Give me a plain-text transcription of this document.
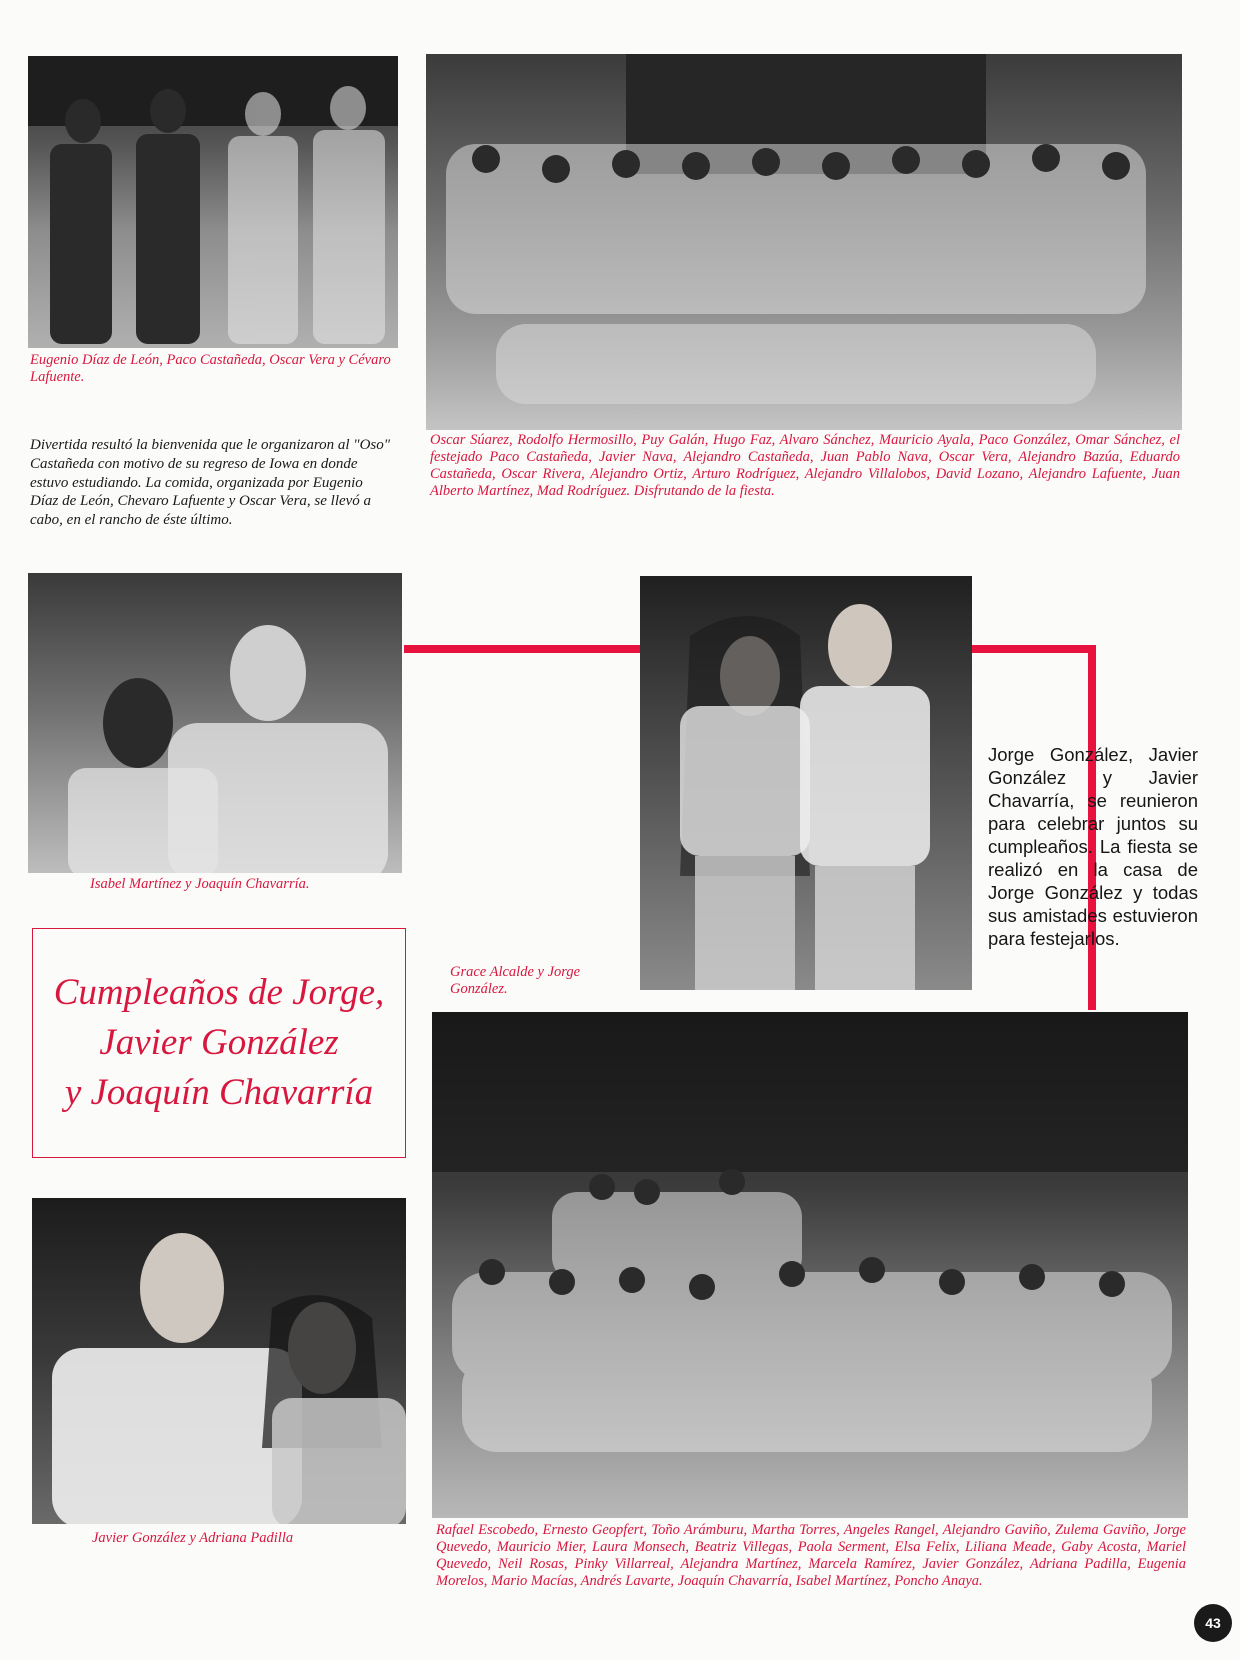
Eugenio Díaz de León, Paco Castañeda, Oscar Vera y Cévaro Lafuente.

Divertida resultó la bienvenida que le organizaron al "Oso" Castañeda con motivo de su regreso de Iowa en donde estuvo estudiando. La comida, organizada por Eugenio Díaz de León, Chevaro Lafuente y Oscar Vera, se llevó a cabo, en el rancho de éste último.

Oscar Súarez, Rodolfo Hermosillo, Puy Galán, Hugo Faz, Alvaro Sánchez, Mauricio Ayala, Paco González, Omar Sánchez, el festejado Paco Castañeda, Javier Nava, Alejandro Castañeda, Juan Pablo Nava, Oscar Vera, Alejandro Bazúa, Eduardo Castañeda, Oscar Rivera, Alejandro Ortiz, Arturo Rodríguez, Alejandro Villalobos, David Lozano, Alejandro Lafuente, Juan Alberto Martínez, Mad Rodríguez. Disfrutando de la fiesta.

Isabel Martínez y Joaquín Chavarría.

Grace Alcalde y Jorge González.

Jorge González, Javier González y Javier Chavarría, se reunieron para celebrar juntos su cumpleaños. La fiesta se realizó en la casa de Jorge González y todas sus amistades estuvieron para festejarlos.

Cumpleaños de Jorge,
Javier González
y Joaquín Chavarría

Javier González y Adriana Padilla	Rafael Escobedo, Ernesto Geopfert, Toño Arámburu, Martha Torres, Angeles Rangel, Alejandro Gaviño, Zulema Gaviño, Jorge Quevedo, Mauricio Mier, Laura Monsech, Beatriz Villegas, Paola Serment, Elsa Felix, Liliana Meade, Gaby Acosta, Mariel Quevedo, Neil Rosas, Pinky Villarreal, Alejandra Martínez, Marcela Ramírez, Javier González, Adriana Padilla, Eugenia Morelos, Mario Macías, Andrés Lavarte, Joaquín Chavarría, Isabel Martínez, Poncho Anaya.

43
